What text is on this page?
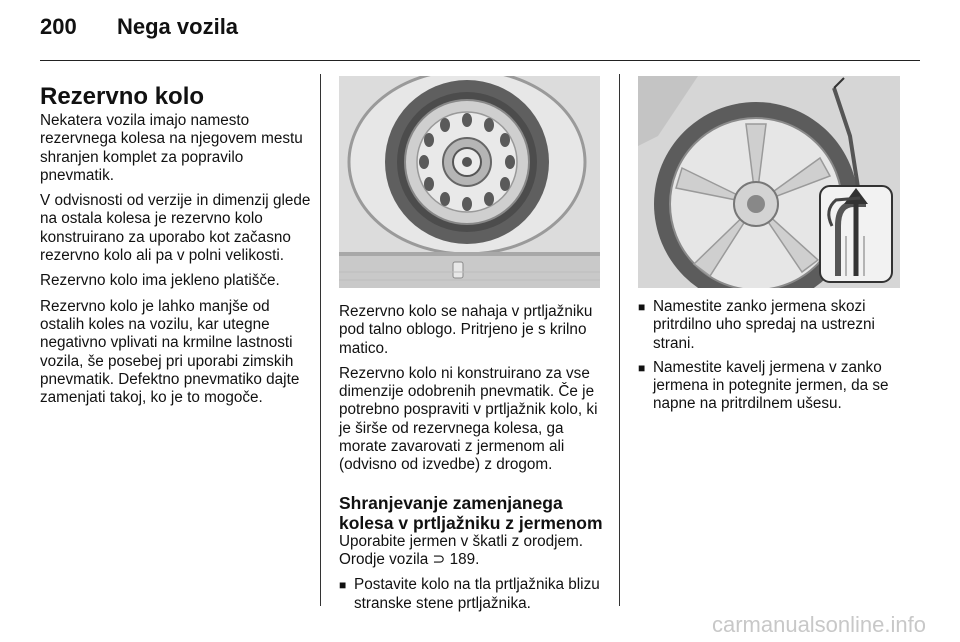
200 Nega vozila
Rezervno kolo

Nekatera vozila imajo namesto rezervnega kolesa na njegovem mestu shranjen komplet za popravilo pnevmatik.

V odvisnosti od verzije in dimenzij glede na ostala kolesa je rezervno kolo konstruirano za uporabo kot začasno rezervno kolo ali pa v polni velikosti.

Rezervno kolo ima jekleno platišče.

Rezervno kolo je lahko manjše od ostalih koles na vozilu, kar utegne negativno vplivati na krmilne lastnosti vozila, še posebej pri uporabi zimskih pnevmatik. Defektno pnevmatiko dajte zamenjati takoj, ko je to mogoče.

Rezervno kolo se nahaja v prtljažniku pod talno oblogo. Pritrjeno je s krilno matico.

Rezervno kolo ni konstruirano za vse dimenzije odobrenih pnevmatik. Če je potrebno pospraviti v prtljažnik kolo, ki je širše od rezervnega kolesa, ga morate zavarovati z jermenom ali (odvisno od izvedbe) z drogom.

Shranjevanje zamenjanega kolesa v prtljažniku z jermenom

Uporabite jermen v škatli z orodjem. Orodje vozila ⊃ 189.

■ Postavite kolo na tla prtljažnika blizu stranske stene prtljažnika.
■ Namestite zanko jermena skozi pritrdilno uho spredaj na ustrezni strani.
■ Namestite kavelj jermena v zanko jermena in potegnite jermen, da se napne na pritrdilnem ušesu.
carmanualsonline.info
